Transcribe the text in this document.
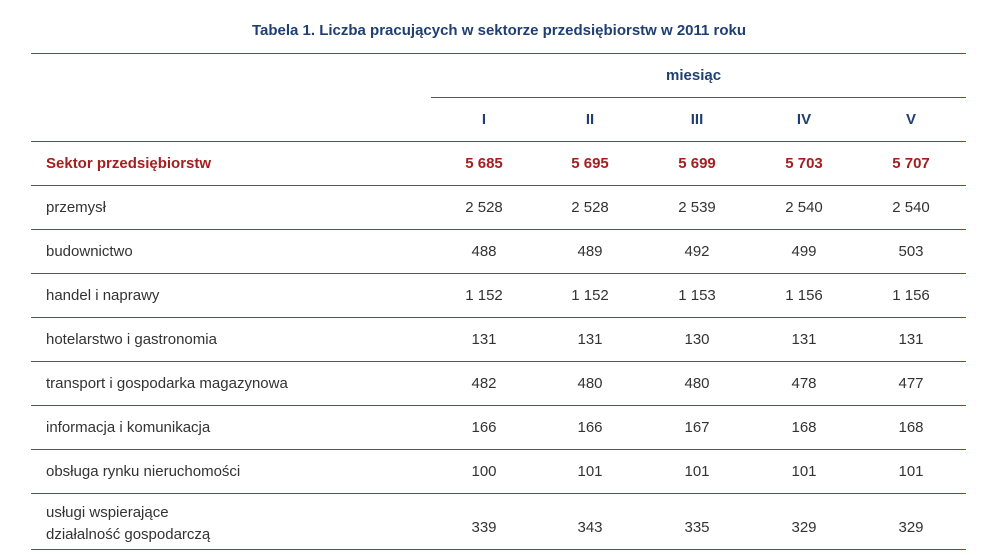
Tabela 1. Liczba pracujących w sektorze przedsiębiorstw w 2011 roku
miesiąc
I	II	III	IV	V
Sektor przedsiębiorstw	5 685	5 695	5 699	5 703	5 707
przemysł	2 528	2 528	2 539	2 540	2 540
budownictwo	488	489	492	499	503
handel i naprawy	1 152	1 152	1 153	1 156	1 156
hotelarstwo i gastronomia	131	131	130	131	131
transport i gospodarka magazynowa	482	480	480	478	477
informacja i komunikacja	166	166	167	168	168
obsługa rynku nieruchomości	100	101	101	101	101
usługi wspierające
działalność gospodarczą	339	343	335	329	329
